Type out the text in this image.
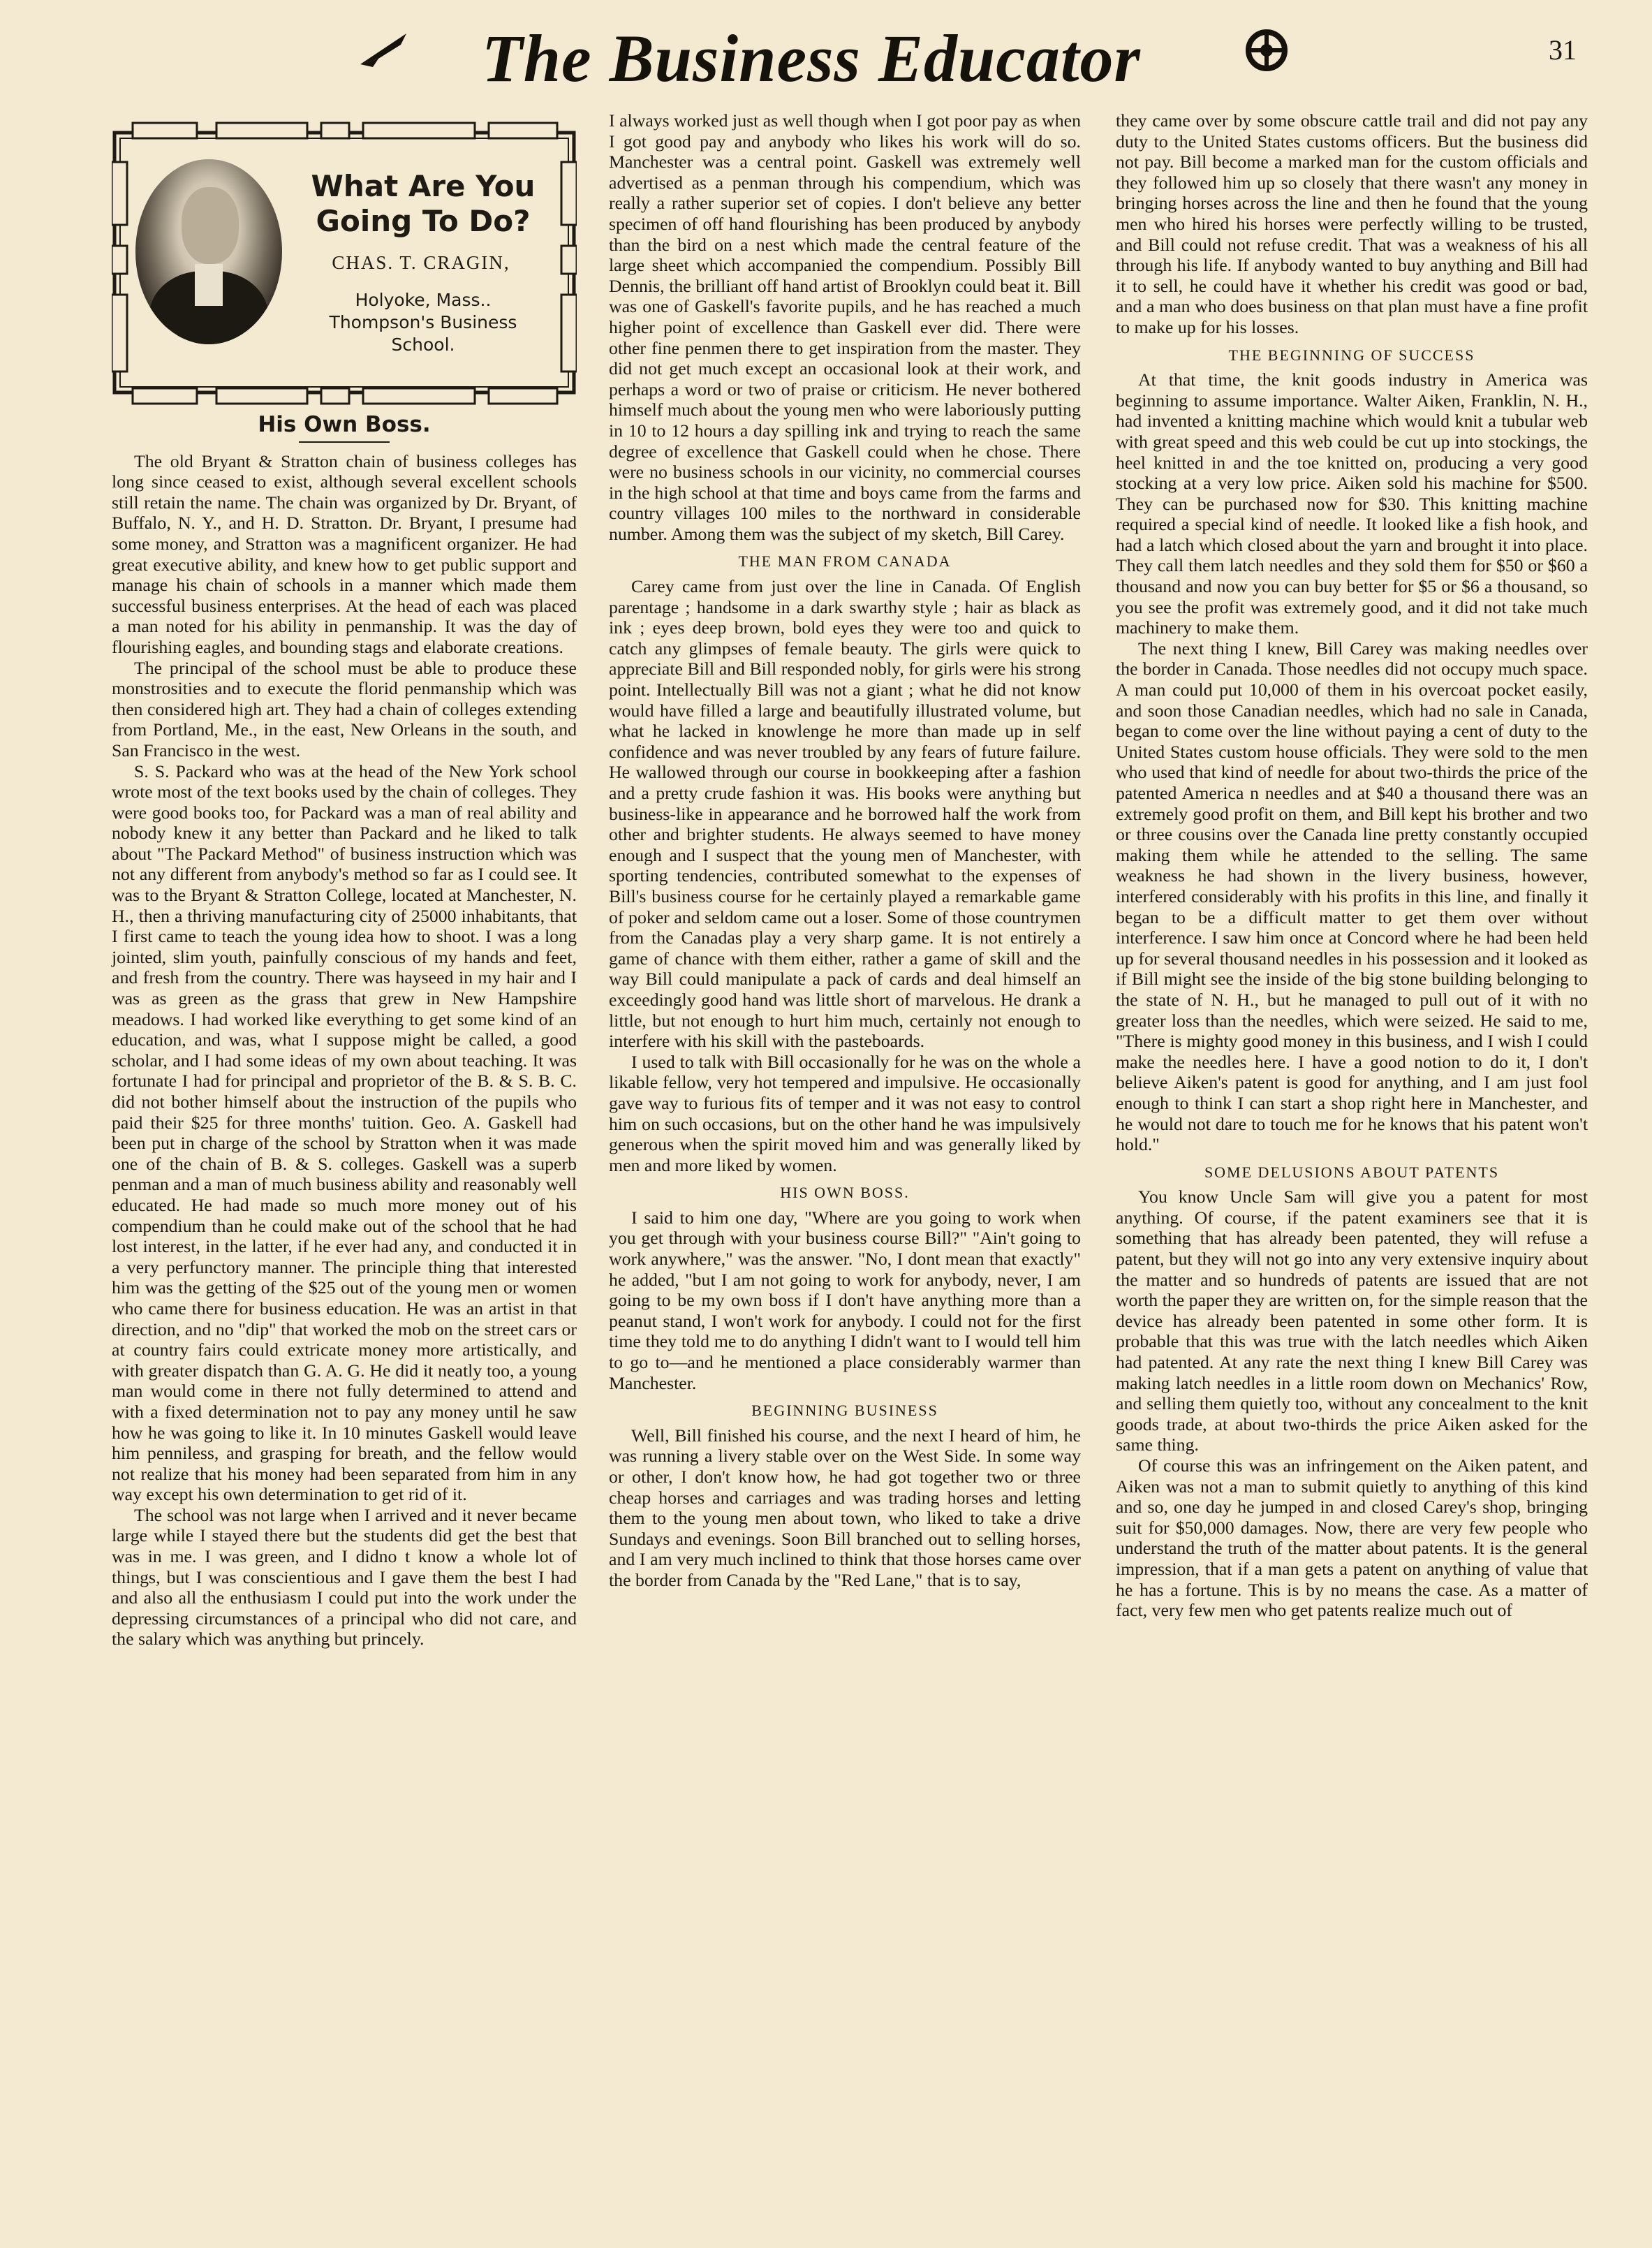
The Business Educator	31
What Are You Going To Do?
CHAS. T. CRAGIN,
Holyoke, Mass..
Thompson's Business
School.
His Own Boss.

The old Bryant & Stratton chain of business colleges has long since ceased to exist, although several excellent schools still retain the name. The chain was organized by Dr. Bryant, of Buffalo, N. Y., and H. D. Stratton. Dr. Bryant, I presume had some money, and Stratton was a magnificent organizer. He had great executive ability, and knew how to get public support and manage his chain of schools in a manner which made them successful business enterprises. At the head of each was placed a man noted for his ability in penmanship. It was the day of flourishing eagles, and bounding stags and elaborate creations.

The principal of the school must be able to produce these monstrosities and to execute the florid penmanship which was then considered high art. They had a chain of colleges extending from Portland, Me., in the east, New Orleans in the south, and San Francisco in the west.

S. S. Packard who was at the head of the New York school wrote most of the text books used by the chain of colleges. They were good books too, for Packard was a man of real ability and nobody knew it any better than Packard and he liked to talk about "The Packard Method" of business instruction which was not any different from anybody's method so far as I could see. It was to the Bryant & Stratton College, located at Manchester, N. H., then a thriving manufacturing city of 25000 inhabitants, that I first came to teach the young idea how to shoot. I was a long jointed, slim youth, painfully conscious of my hands and feet, and fresh from the country. There was hayseed in my hair and I was as green as the grass that grew in New Hampshire meadows. I had worked like everything to get some kind of an education, and was, what I suppose might be called, a good scholar, and I had some ideas of my own about teaching. It was fortunate I had for principal and proprietor of the B. & S. B. C. did not bother himself about the instruction of the pupils who paid their $25 for three months' tuition. Geo. A. Gaskell had been put in charge of the school by Stratton when it was made one of the chain of B. & S. colleges. Gaskell was a superb penman and a man of much business ability and reasonably well educated. He had made so much more money out of his compendium than he could make out of the school that he had lost interest, in the latter, if he ever had any, and conducted it in a very perfunctory manner. The principle thing that interested him was the getting of the $25 out of the young men or women who came there for business education. He was an artist in that direction, and no "dip" that worked the mob on the street cars or at country fairs could extricate money more artistically, and with greater dispatch than G. A. G. He did it neatly too, a young man would come in there not fully determined to attend and with a fixed determination not to pay any money until he saw how he was going to like it. In 10 minutes Gaskell would leave him penniless, and grasping for breath, and the fellow would not realize that his money had been separated from him in any way except his own determination to get rid of it.

The school was not large when I arrived and it never became large while I stayed there but the students did get the best that was in me. I was green, and I didno t know a whole lot of things, but I was conscientious and I gave them the best I had and also all the enthusiasm I could put into the work under the depressing circumstances of a principal who did not care, and the salary which was anything but princely.

I always worked just as well though when I got poor pay as when I got good pay and anybody who likes his work will do so. Manchester was a central point. Gaskell was extremely well advertised as a penman through his compendium, which was really a rather superior set of copies. I don't believe any better specimen of off hand flourishing has been produced by anybody than the bird on a nest which made the central feature of the large sheet which accompanied the compendium. Possibly Bill Dennis, the brilliant off hand artist of Brooklyn could beat it. Bill was one of Gaskell's favorite pupils, and he has reached a much higher point of excellence than Gaskell ever did. There were other fine penmen there to get inspiration from the master. They did not get much except an occasional look at their work, and perhaps a word or two of praise or criticism. He never bothered himself much about the young men who were laboriously putting in 10 to 12 hours a day spilling ink and trying to reach the same degree of excellence that Gaskell could when he chose. There were no business schools in our vicinity, no commercial courses in the high school at that time and boys came from the farms and country villages 100 miles to the northward in considerable number. Among them was the subject of my sketch, Bill Carey.

THE MAN FROM CANADA

Carey came from just over the line in Canada. Of English parentage ; handsome in a dark swarthy style ; hair as black as ink ; eyes deep brown, bold eyes they were too and quick to catch any glimpses of female beauty. The girls were quick to appreciate Bill and Bill responded nobly, for girls were his strong point. Intellectually Bill was not a giant ; what he did not know would have filled a large and beautifully illustrated volume, but what he lacked in knowlenge he more than made up in self confidence and was never troubled by any fears of future failure. He wallowed through our course in bookkeeping after a fashion and a pretty crude fashion it was. His books were anything but business-like in appearance and he borrowed half the work from other and brighter students. He always seemed to have money enough and I suspect that the young men of Manchester, with sporting tendencies, contributed somewhat to the expenses of Bill's business course for he certainly played a remarkable game of poker and seldom came out a loser. Some of those countrymen from the Canadas play a very sharp game. It is not entirely a game of chance with them either, rather a game of skill and the way Bill could manipulate a pack of cards and deal himself an exceedingly good hand was little short of marvelous. He drank a little, but not enough to hurt him much, certainly not enough to interfere with his skill with the pasteboards.

I used to talk with Bill occasionally for he was on the whole a likable fellow, very hot tempered and impulsive. He occasionally gave way to furious fits of temper and it was not easy to control him on such occasions, but on the other hand he was impulsively generous when the spirit moved him and was generally liked by men and more liked by women.

HIS OWN BOSS.

I said to him one day, "Where are you going to work when you get through with your business course Bill?" "Ain't going to work anywhere," was the answer. "No, I dont mean that exactly" he added, "but I am not going to work for anybody, never, I am going to be my own boss if I don't have anything more than a peanut stand, I won't work for anybody. I could not for the first time they told me to do anything I didn't want to I would tell him to go to—and he mentioned a place considerably warmer than Manchester.

BEGINNING BUSINESS

Well, Bill finished his course, and the next I heard of him, he was running a livery stable over on the West Side. In some way or other, I don't know how, he had got together two or three cheap horses and carriages and was trading horses and letting them to the young men about town, who liked to take a drive Sundays and evenings. Soon Bill branched out to selling horses, and I am very much inclined to think that those horses came over the border from Canada by the "Red Lane," that is to say,

they came over by some obscure cattle trail and did not pay any duty to the United States customs officers. But the business did not pay. Bill become a marked man for the custom officials and they followed him up so closely that there wasn't any money in bringing horses across the line and then he found that the young men who hired his horses were perfectly willing to be trusted, and Bill could not refuse credit. That was a weakness of his all through his life. If anybody wanted to buy anything and Bill had it to sell, he could have it whether his credit was good or bad, and a man who does business on that plan must have a fine profit to make up for his losses.

THE BEGINNING OF SUCCESS

At that time, the knit goods industry in America was beginning to assume importance. Walter Aiken, Franklin, N. H., had invented a knitting machine which would knit a tubular web with great speed and this web could be cut up into stockings, the heel knitted in and the toe knitted on, producing a very good stocking at a very low price. Aiken sold his machine for $500. They can be purchased now for $30. This knitting machine required a special kind of needle. It looked like a fish hook, and had a latch which closed about the yarn and brought it into place. They call them latch needles and they sold them for $50 or $60 a thousand and now you can buy better for $5 or $6 a thousand, so you see the profit was extremely good, and it did not take much machinery to make them.

The next thing I knew, Bill Carey was making needles over the border in Canada. Those needles did not occupy much space. A man could put 10,000 of them in his overcoat pocket easily, and soon those Canadian needles, which had no sale in Canada, began to come over the line without paying a cent of duty to the United States custom house officials. They were sold to the men who used that kind of needle for about two-thirds the price of the patented America n needles and at $40 a thousand there was an extremely good profit on them, and Bill kept his brother and two or three cousins over the Canada line pretty constantly occupied making them while he attended to the selling. The same weakness he had shown in the livery business, however, interfered considerably with his profits in this line, and finally it began to be a difficult matter to get them over without interference. I saw him once at Concord where he had been held up for several thousand needles in his possession and it looked as if Bill might see the inside of the big stone building belonging to the state of N. H., but he managed to pull out of it with no greater loss than the needles, which were seized. He said to me, "There is mighty good money in this business, and I wish I could make the needles here. I have a good notion to do it, I don't believe Aiken's patent is good for anything, and I am just fool enough to think I can start a shop right here in Manchester, and he would not dare to touch me for he knows that his patent won't hold."

SOME DELUSIONS ABOUT PATENTS

You know Uncle Sam will give you a patent for most anything. Of course, if the patent examiners see that it is something that has already been patented, they will refuse a patent, but they will not go into any very extensive inquiry about the matter and so hundreds of patents are issued that are not worth the paper they are written on, for the simple reason that the device has already been patented in some other form. It is probable that this was true with the latch needles which Aiken had patented. At any rate the next thing I knew Bill Carey was making latch needles in a little room down on Mechanics' Row, and selling them quietly too, without any concealment to the knit goods trade, at about two-thirds the price Aiken asked for the same thing.

Of course this was an infringement on the Aiken patent, and Aiken was not a man to submit quietly to anything of this kind and so, one day he jumped in and closed Carey's shop, bringing suit for $50,000 damages. Now, there are very few people who understand the truth of the matter about patents. It is the general impression, that if a man gets a patent on anything of value that he has a fortune. This is by no means the case. As a matter of fact, very few men who get patents realize much out of
